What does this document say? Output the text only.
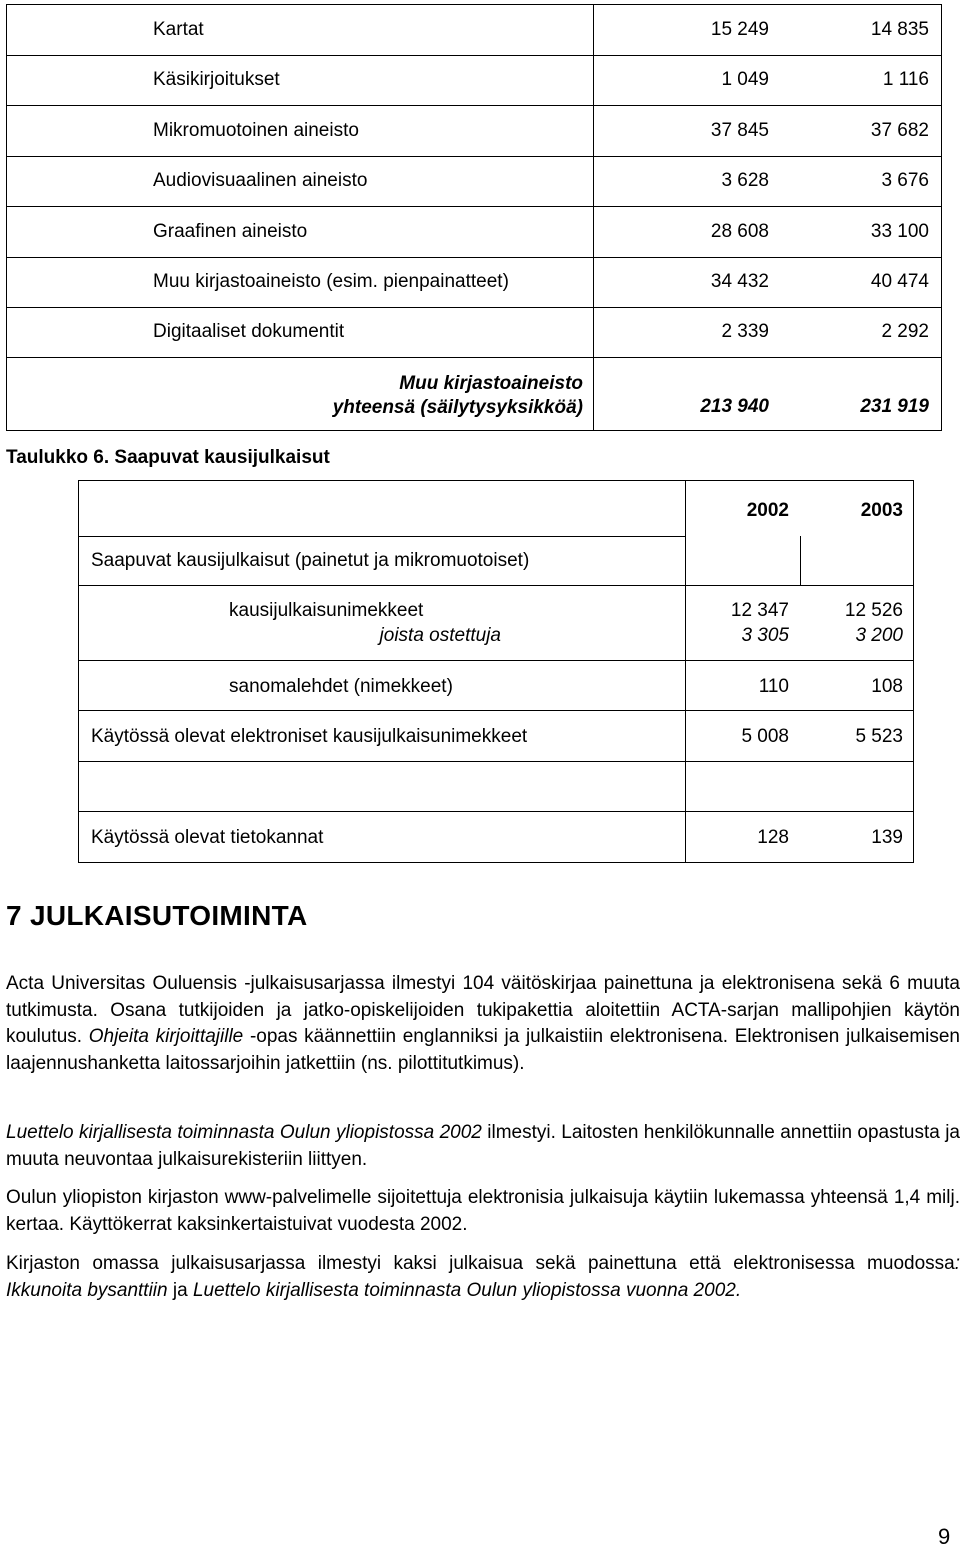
Kartat	15 249	14 835
Käsikirjoitukset	1 049	1 116
Mikromuotoinen aineisto	37 845	37 682
Audiovisuaalinen aineisto	3 628	3 676
Graafinen aineisto	28 608	33 100
Muu kirjastoaineisto (esim. pienpainatteet)	34 432	40 474
Digitaaliset dokumentit	2 339	2 292
Muu kirjastoaineisto
yhteensä (säilytysyksikköä)	213 940	231 919
Taulukko 6. Saapuvat kausijulkaisut
2002	2003
Saapuvat kausijulkaisut (painetut ja mikromuotoiset)
kausijulkaisunimekkeet	12 347	12 526
joista ostettuja	3 305	3 200
sanomalehdet (nimekkeet)	110	108
Käytössä olevat elektroniset kausijulkaisunimekkeet	5 008	5 523
Käytössä olevat tietokannat	128	139
7 JULKAISUTOIMINTA
Acta Universitas Ouluensis -julkaisusarjassa ilmestyi 104 väitöskirjaa painettuna ja elektronisena sekä 6 muuta tutkimusta. Osana tutkijoiden ja jatko-opiskelijoiden tukipakettia aloitettiin ACTA-sarjan mallipohjien käytön koulutus. Ohjeita kirjoittajille -opas käännettiin englanniksi ja julkaistiin elektronisena. Elektronisen julkaisemisen laajennushanketta laitossarjoihin jatkettiin (ns. pilottitutkimus).
Luettelo kirjallisesta toiminnasta Oulun yliopistossa 2002 ilmestyi. Laitosten henkilökunnalle annettiin opastusta ja muuta neuvontaa julkaisurekisteriin liittyen.
Oulun yliopiston kirjaston www-palvelimelle sijoitettuja elektronisia julkaisuja käytiin lukemassa yhteensä 1,4 milj. kertaa. Käyttökerrat kaksinkertaistuivat vuodesta 2002.
Kirjaston omassa julkaisusarjassa ilmestyi kaksi julkaisua sekä painettuna että elektronisessa muodossa: Ikkunoita bysanttiin ja Luettelo kirjallisesta toiminnasta Oulun yliopistossa vuonna 2002.
9
